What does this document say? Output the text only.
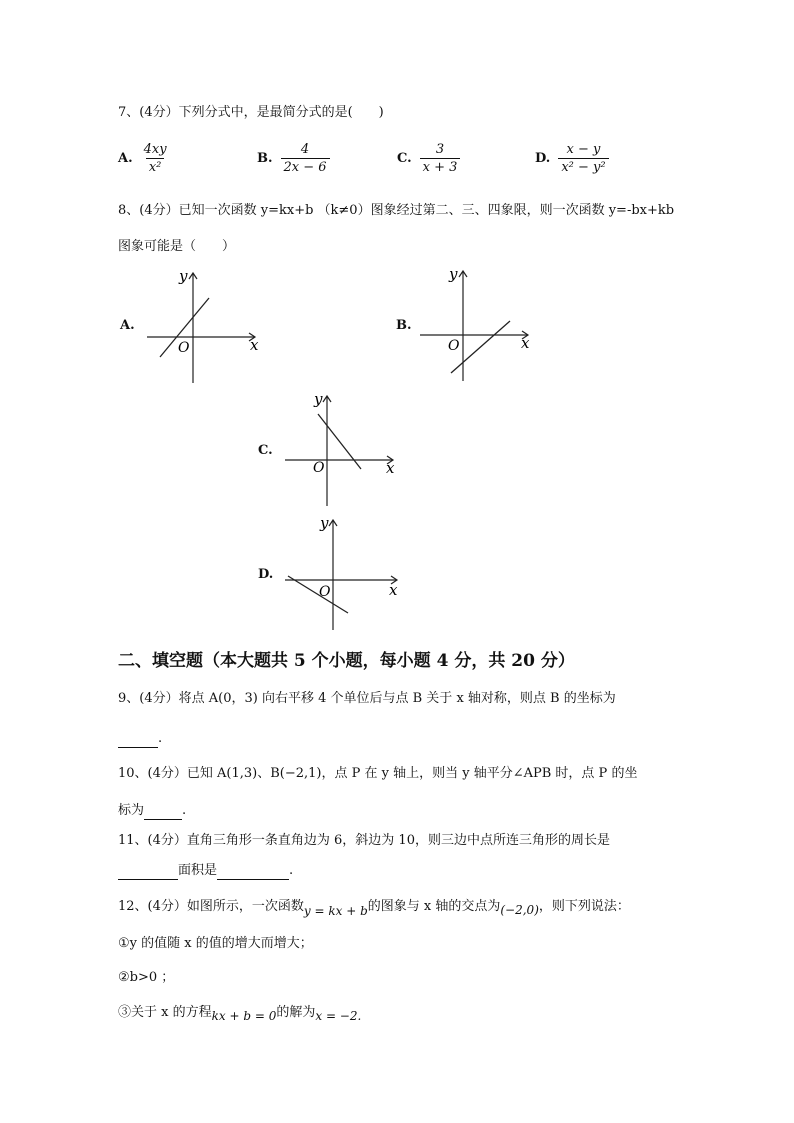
7、(4分）下列分式中，是最简分式的是(　　)
A. $\frac{4xy}{\text{x²}}$	B. $\frac{4}{2x - 6}$	C. $\frac{3}{x + 3}$	D. $\frac{x - y}{\text{x² − y²}}$
8、(4分）已知一次函数 y=kx+b （k≠0）图象经过第二、三、四象限，则一次函数 y=-bx+kb
图象可能是（　　）
A.
x
y
O
B.
x
y
O
C.
x
y
O
D.
x
y
O
二、填空题（本大题共 5 个小题，每小题 4 分，共 20 分）
9、(4分）将点 A(0，3) 向右平移 4 个单位后与点 B 关于 x 轴对称，则点 B 的坐标为
.
10、(4分）已知 A(1,3)、B(−2,1)，点 P 在 y 轴上，则当 y 轴平分∠APB 时，点 P 的坐
标为	.
11、(4分）直角三角形一条直角边为 6，斜边为 10，则三边中点所连三角形的周长是
面积是	.
12、(4分）如图所示，一次函数y = kx + b的图象与 x 轴的交点为(−2,0)，则下列说法：
①y 的值随 x 的值的增大而增大；
②b>0 ；
③关于 x 的方程kx + b = 0的解为x = −2.
